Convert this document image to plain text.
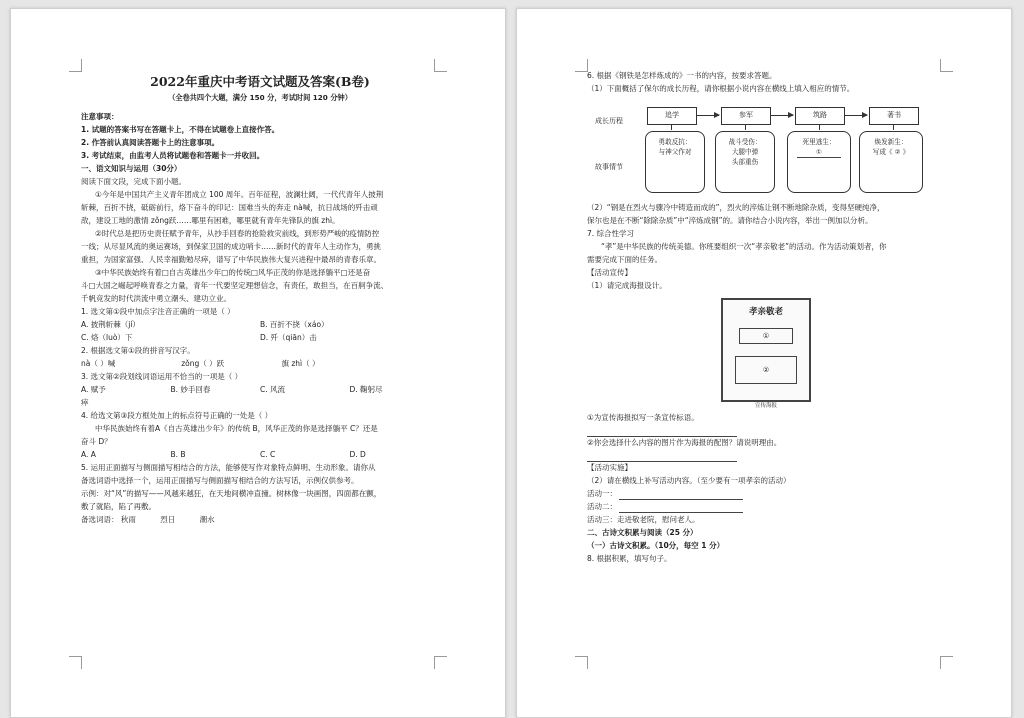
2022年重庆中考语文试题及答案(B卷)
（全卷共四个大题，满分 150 分，考试时间 120 分钟）
注意事项：
1. 试题的答案书写在答题卡上，不得在试题卷上直接作答。
2. 作答前认真阅读答题卡上的注意事项。
3. 考试结束，由监考人员将试题卷和答题卡一并收回。
一、语文知识与运用（30分）
阅读下面文段，完成下面小题。
①今年是中国共产主义青年团成立 100 周年。百年征程，波澜壮阔，一代代青年人披荆
斩棘，百折不挠，砥砺前行，烙下奋斗的印记：国难当头的奔走 nà喊，抗日战场的歼击顽
敌，建设工地的激情 zǒng跃……哪里有困难，哪里就有青年先锋队的旗 zhì。
②时代总是把历史责任赋予青年，从抄手回春的抢险救灾前线，到形势严峻的疫情防控
一线；从尽显风流的奥运赛场，到保家卫国的成边哨卡……新时代的青年人主动作为，勇挑
重担，为国家富强、人民幸福勤勉尽瘁，谱写了中华民族伟大复兴进程中最昂的青春乐章。
③中华民族始终有着□自古英雄出少年□的传统□风华正茂的你是选择躺平□还是奋
斗□大国之崛起呼唤青春之力量，青年一代要坚定理想信念，有责任，敢担当，在百舸争流、
千帆竞发的时代洪流中勇立潮头、建功立业。
1. 选文第①段中加点字注音正确的一项是（ ）
A. 披荆斩棘（jí）	B. 百折不挠（xáo）
C. 烙（luò）下	D. 歼（qiān）击
2. 根据选文第①段的拼音写汉字。
nà（ ）喊	zǒng（ ）跃	旗 zhì（ ）
3. 选文第②段划线词语运用不恰当的一项是（ ）
A. 赋予	B. 妙手回春	C. 风流	D. 鞠躬尽
瘁
4. 给选文第③段方框处加上的标点符号正确的一处是（ ）
中华民族始终有着A《自古英雄出少年》的传统 B，风华正茂的你是选择躺平 C？还是
奋斗 D？
A. A	B. B	C. C	D. D
5. 运用正面描写与侧面描写相结合的方法，能够使写作对象特点鲜明、生动形象。请你从
备选词语中选择一个，运用正面描写与侧面描写相结合的方法写话，示例仅供参考。
示例：对“风”的描写——风越来越狂，在天地间横冲直撞。树林像一块画图，四面都在颤，
敷了就陷，陷了再敷。
备选词语： 秋雨	烈日	潮水
6. 根据《钢铁是怎样炼成的》一书的内容，按要求答题。
（1）下面概括了保尔的成长历程，请你根据小说内容在横线上填入相应的情节。
成长历程
故事情节
追学	参军	筑路	著书
勇敢反抗：
与神父作对
战斗受伤：
大腿中弹
头部重伤
死里逃生：
①
焕发新生：
写成《 ② 》
（2）“钢是在烈火与骤冷中铸造而成的”，烈火的淬炼让钢不断地除杂质，变得坚硬纯净，
保尔也是在不断“除除杂质”中“淬炼成钢”的。请你结合小说内容，举出一例加以分析。
7. 综合性学习
“孝”是中华民族的传统美德。你班要组织一次“孝亲敬老”的活动。作为活动策划者，你
需要完成下面的任务。
【活动宣传】
（1）请完成海报设计。
孝亲敬老
①
②
宣传海报
①为宣传海报拟写一条宣传标语。
②你会选择什么内容的图片作为海报的配图？请说明理由。
【活动实施】
（2）请在横线上补写活动内容。（至少要有一项孝亲的活动）
活动一：
活动二：
活动三：走进敬老院，慰问老人。
二、古诗文积累与阅读（25 分）
（一）古诗文积累。（10分，每空 1 分）
8. 根据积累，填写句子。
